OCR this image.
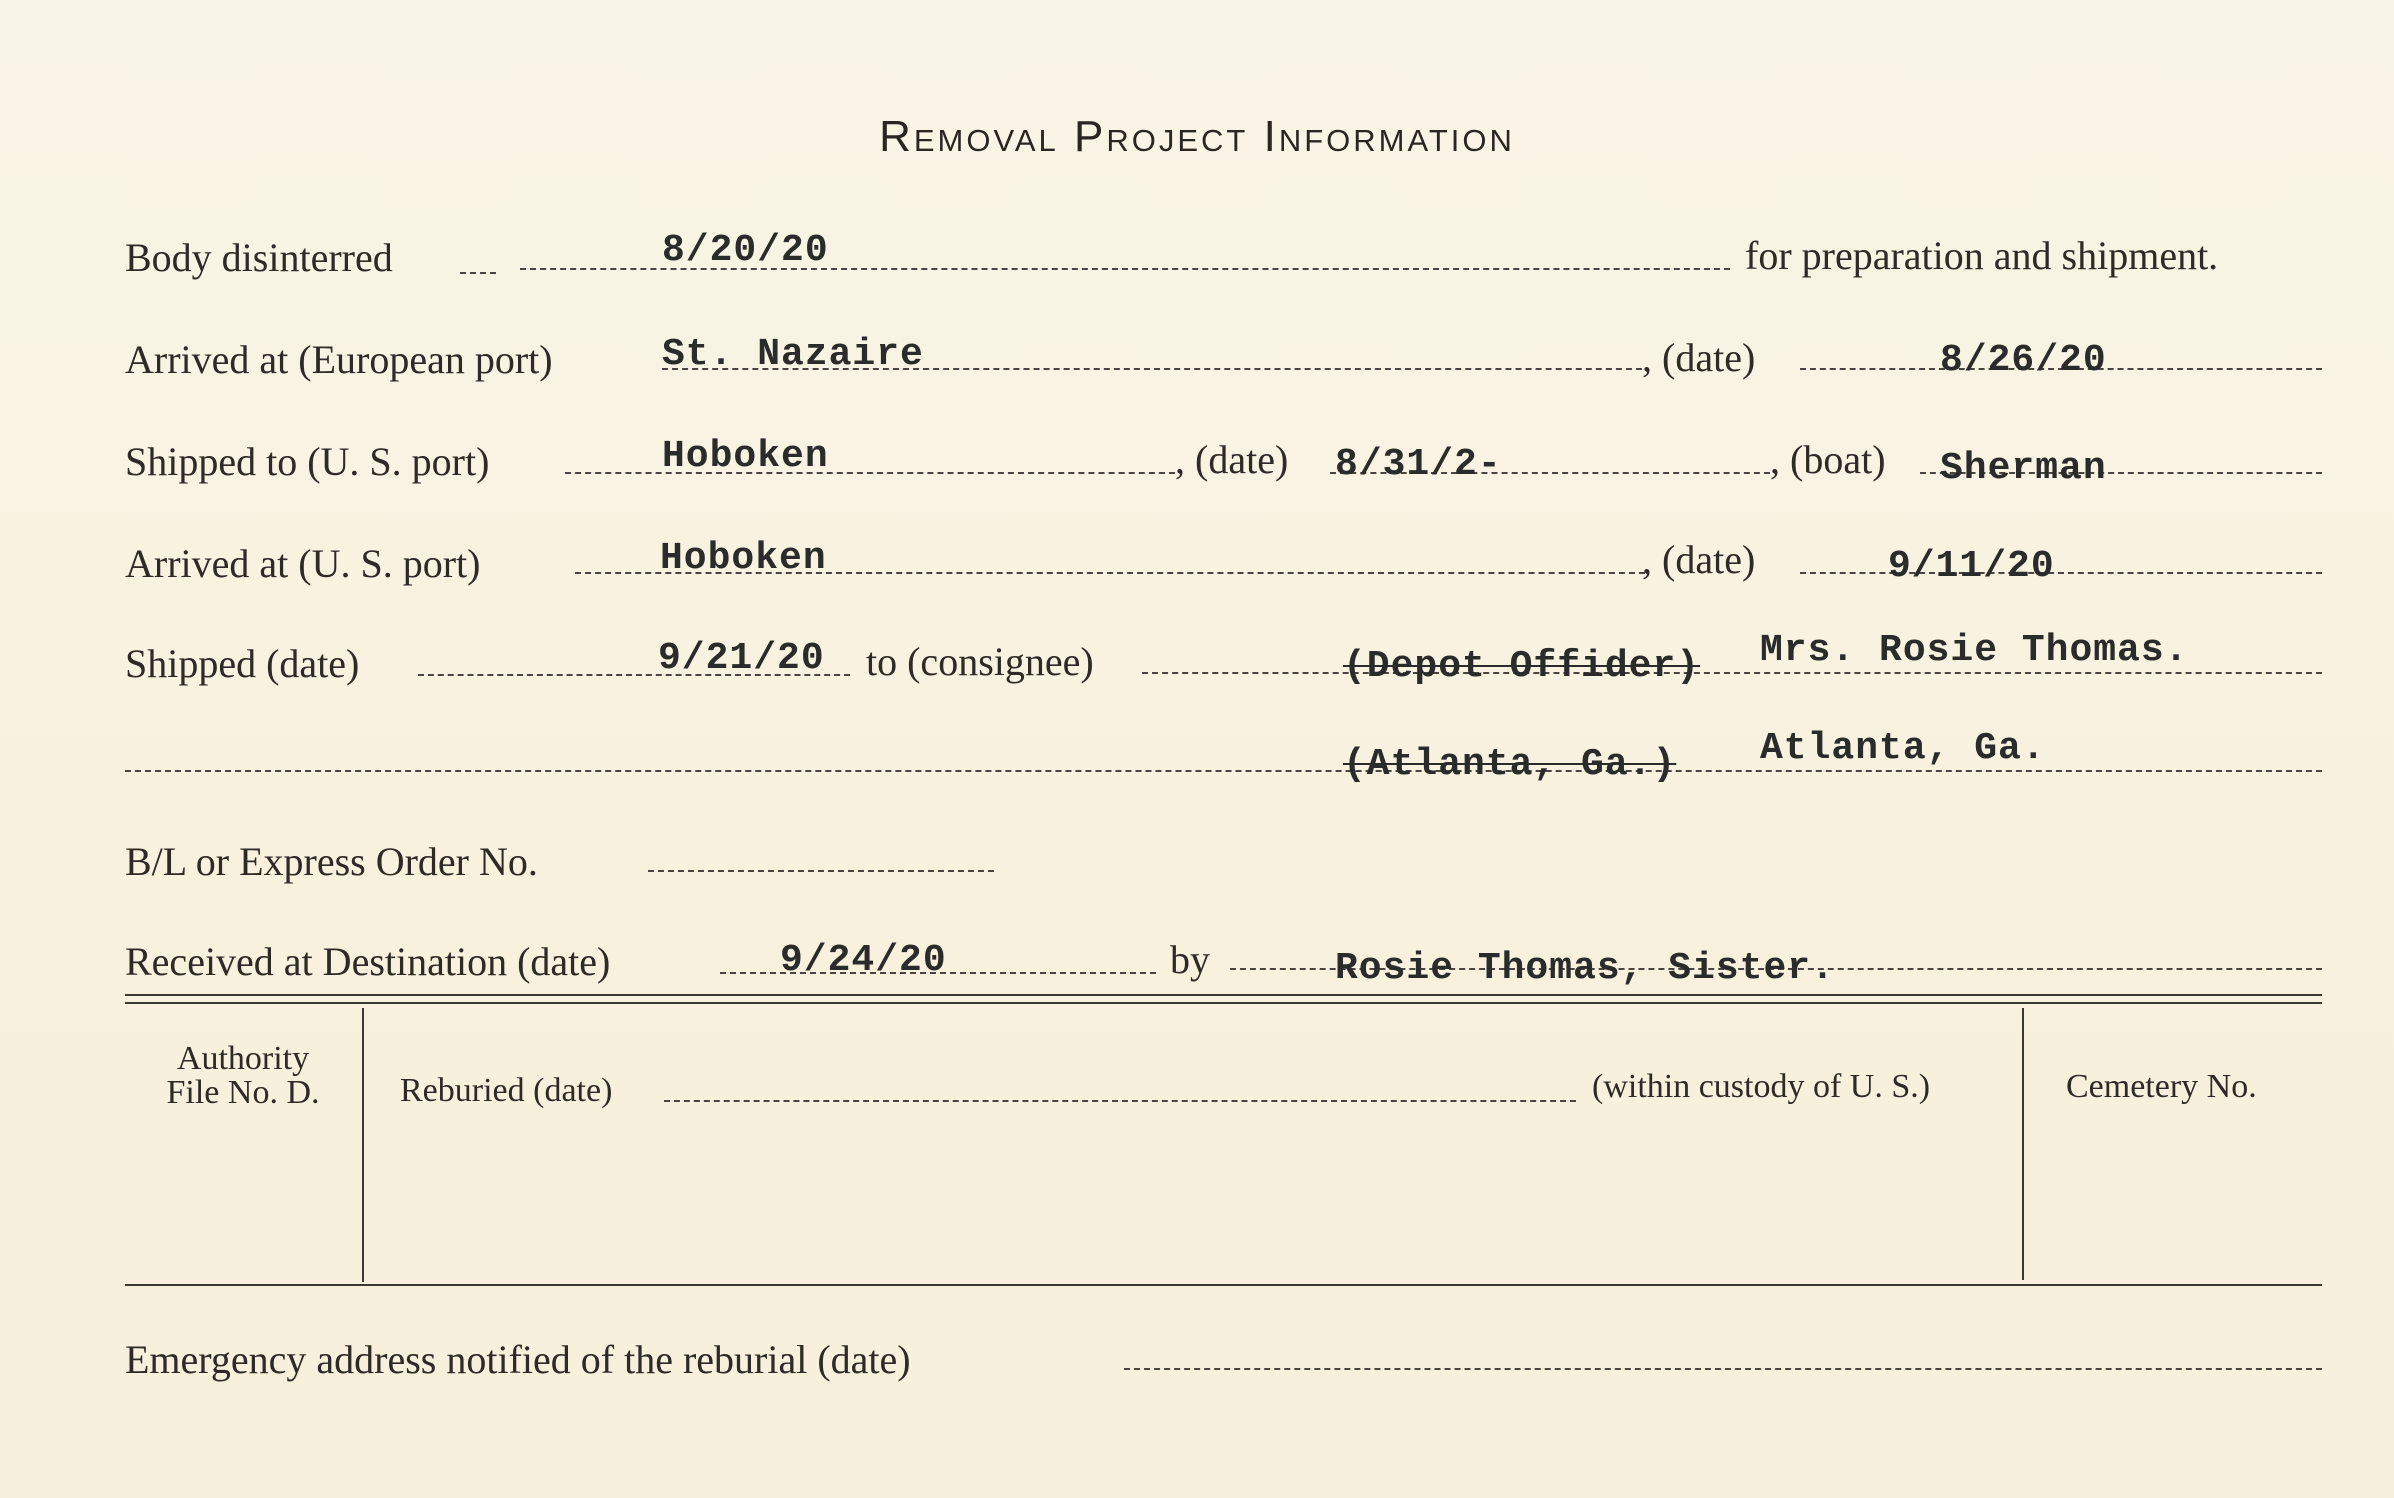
Removal Project Information
Body disinterred	8/20/20	for preparation and shipment.
Arrived at (European port)	St. Nazaire	, (date)	8/26/20
Shipped to (U. S. port)	Hoboken	, (date) 8/31/2-	, (boat) Sherman
Arrived at (U. S. port)	Hoboken	, (date)	9/11/20
Shipped (date)	9/21/20 to (consignee)	(Depot Offider) Mrs. Rosie Thomas.
(Atlanta, Ga.) Atlanta, Ga.
B/L or Express Order No.
Received at Destination (date)	9/24/20	by	Rosie Thomas, Sister.
Authority
File No. D.	Reburied (date)	(within custody of U. S.)	Cemetery No.
Emergency address notified of the reburial (date)
